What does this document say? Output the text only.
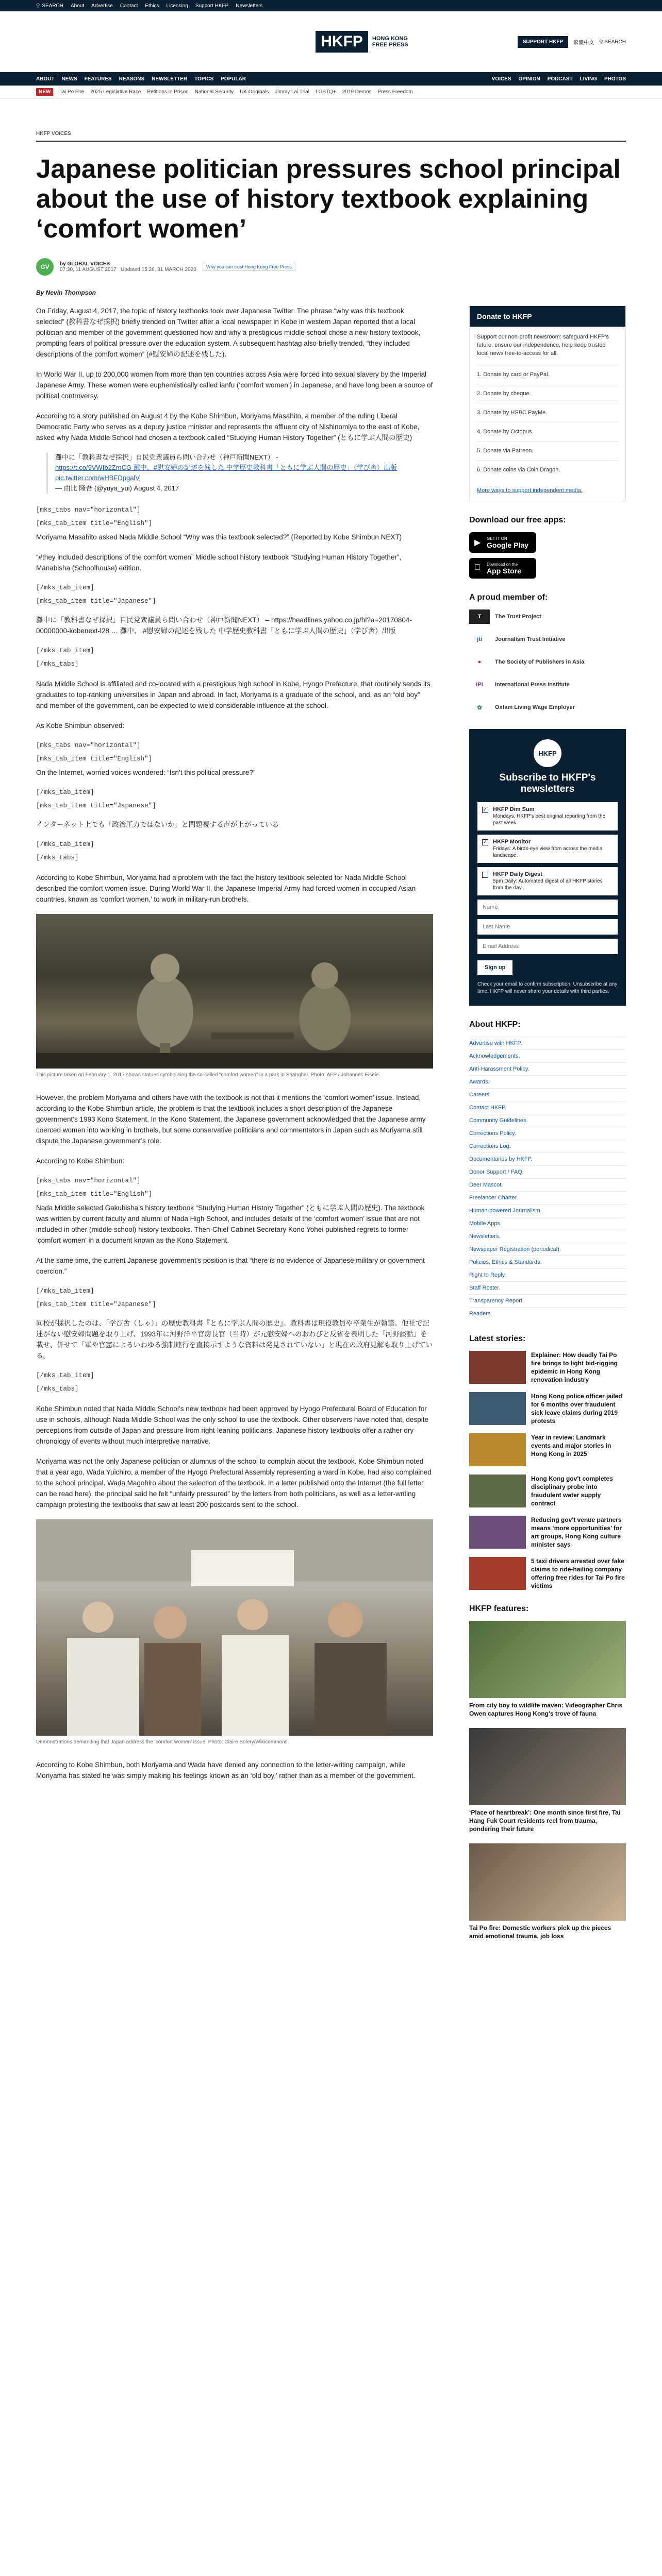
⚲ SEARCH About Advertise Contact Ethics Licensing Support HKFP Newsletters
HKFP	HONG KONG
FREE PRESS	SUPPORT HKFP	繁體中文 ⚲ SEARCH
ABOUT NEWS FEATURES REASONS NEWSLETTER TOPICS POPULAR	VOICES OPINION PODCAST LIVING PHOTOS
NEW	Tai Po Fire 2025 Legislative Race Petitions in Prison National Security UK Originals Jimmy Lai Trial LGBTQ+ 2019 Demos Press Freedom
HKFP VOICES
Japanese politician pressures school principal about the use of history textbook explaining ‘comfort women’
GV	by GLOBAL VOICES
07:30, 11 AUGUST 2017 Updated 15:26, 31 MARCH 2020	Why you can trust Hong Kong Free Press
By Nevin Thompson

On Friday, August 4, 2017, the topic of history textbooks took over Japanese Twitter. The phrase “why was this textbook selected” (教科書なぜ採択) briefly trended on Twitter after a local newspaper in Kobe in western Japan reported that a local politician and member of the government questioned how and why a prestigious middle school chose a new history textbook, prompting fears of political pressure over the education system. A subsequent hashtag also briefly trended, “they included descriptions of the comfort women” (#慰安婦の記述を残した).

In World War II, up to 200,000 women from more than ten countries across Asia were forced into sexual slavery by the Imperial Japanese Army. These women were euphemistically called ianfu (‘comfort women’) in Japanese, and have long been a source of political controversy.

According to a story published on August 4 by the Kobe Shimbun, Moriyama Masahito, a member of the ruling Liberal Democratic Party who serves as a deputy justice minister and represents the affluent city of Nishinomiya to the east of Kobe, asked why Nada Middle School had chosen a textbook called “Studying Human History Together” (ともに学ぶ人間の歴史)

灘中に「教科書なぜ採択」自民党衆議員ら問い合わせ（神戸新聞NEXT） -
https://t.co/9VWIb2ZmCG 灘中、#慰安婦の記述を残した 中学歴史教科書「ともに学ぶ人間の歴史」（学び舎）出版 pic.twitter.com/wHBFDpgalV
— 由比 隆吾 (@yuya_yui) August 4, 2017
[mks_tabs nav="horizontal"]
[mks_tab_item title="English"]

Moriyama Masahito asked Nada Middle School “Why was this textbook selected?” (Reported by Kobe Shimbun NEXT)

“#they included descriptions of the comfort women” Middle school history textbook “Studying Human History Together”, Manabisha (Schoolhouse) edition.

[/mks_tab_item]
[mks_tab_item title="Japanese"]

灘中に「教科書なぜ採択」自民党衆議員ら問い合わせ（神戸新聞NEXT） – https://headlines.yahoo.co.jp/hl?a=20170804-00000000-kobenext-l28 … 灘中、 #慰安婦の記述を残した 中学歴史教科書「ともに学ぶ人間の歴史」（学び舎）出版

[/mks_tab_item]
[/mks_tabs]

Nada Middle School is affiliated and co-located with a prestigious high school in Kobe, Hyogo Prefecture, that routinely sends its graduates to top-ranking universities in Japan and abroad. In fact, Moriyama is a graduate of the school, and, as an “old boy” and member of the government, can be expected to wield considerable influence at the school.

As Kobe Shimbun observed:

[mks_tabs nav="horizontal"]
[mks_tab_item title="English"]

On the Internet, worried voices wondered: “Isn’t this political pressure?”

[/mks_tab_item]
[mks_tab_item title="Japanese"]

インターネット上でも「政治圧力ではないか」と問題視する声が上がっている

[/mks_tab_item]
[/mks_tabs]

According to Kobe Shimbun, Moriyama had a problem with the fact the history textbook selected for Nada Middle School described the comfort women issue. During World War II, the Japanese Imperial Army had forced women in occupied Asian countries, known as ‘comfort women,’ to work in military-run brothels.

This picture taken on February 1, 2017 shows statues symbolising the so-called “comfort women” in a park in Shanghai. Photo: AFP / Johannes Eisele.

However, the problem Moriyama and others have with the textbook is not that it mentions the ‘comfort women’ issue. Instead, according to the Kobe Shimbun article, the problem is that the textbook includes a short description of the Japanese government’s 1993 Kono Statement. In the Kono Statement, the Japanese government acknowledged that the Japanese army coerced women into working in brothels, but some conservative politicians and commentators in Japan such as Moriyama still dispute the Japanese government’s role.

According to Kobe Shimbun:

[mks_tabs nav="horizontal"]
[mks_tab_item title="English"]

Nada Middle selected Gakubisha’s history textbook “Studying Human History Together” (ともに学ぶ人間の歴史). The textbook was written by current faculty and alumni of Nada High School, and includes details of the ‘comfort women’ issue that are not included in other (middle school) history textbooks. Then-Chief Cabinet Secretary Kono Yohei published regrets to former ‘comfort women’ in a document known as the Kono Statement.

At the same time, the current Japanese government’s position is that “there is no evidence of Japanese military or government coercion.”

[/mks_tab_item]
[mks_tab_item title="Japanese"]

同校が採択したのは、「学び舎（しゃ）」の歴史教科書『ともに学ぶ人間の歴史』。教科書は現役教員や卒業生が執筆。他社で記述がない慰安婦問題を取り上げ、1993年に河野洋平官房長官（当時）が元慰安婦へのおわびと反省を表明した「河野談話」を載せ、併せて「軍や官憲によるいわゆる強制連行を直接示すような資料は発見されていない」と現在の政府見解も取り上げている。

[/mks_tab_item]
[/mks_tabs]

Kobe Shimbun noted that Nada Middle School’s new textbook had been approved by Hyogo Prefectural Board of Education for use in schools, although Nada Middle School was the only school to use the textbook. Other observers have noted that, despite perceptions from outside of Japan and pressure from right-leaning politicians, Japanese history textbooks offer a rather dry chronology of events without much interpretive narrative.

Moriyama was not the only Japanese politician or alumnus of the school to complain about the textbook. Kobe Shimbun noted that a year ago, Wada Yuichiro, a member of the Hyogo Prefectural Assembly representing a ward in Kobe, had also complained to the school principal. Wada Magohiro about the selection of the textbook. In a letter published onto the Internet (the full letter can be read here), the principal said he felt “unfairly pressured” by the letters from both politicians, as well as a letter-writing campaign protesting the textbooks that saw at least 200 postcards sent to the school.

Demonstrations demanding that Japan address the ‘comfort women’ issue. Photo: Claire Solery/Wikicommons.

According to Kobe Shimbun, both Moriyama and Wada have denied any connection to the letter-writing campaign, while Moriyama has stated he was simply making his feelings known as an ‘old boy,’ rather than as a member of the government.

Donate to HKFP
Support our non-profit newsroom: safeguard HKFP's future, ensure our independence, help keep trusted local news free-to-access for all.
1. Donate by card or PayPal.
2. Donate by cheque.
3. Donate by HSBC PayMe.
4. Donate by Octopus.
5. Donate via Patreon.
6. Donate coins via Coin Dragon.
More ways to support independent media.
Download our free apps:
▶ GET IT ON
Google Play
Download on the
App Store
A proud member of:
T	The Trust Project
jti	Journalism Trust Initiative
●	The Society of Publishers in Asia
IPI	International Press Institute
✿	Oxfam Living Wage Employer
HKFP
Subscribe to HKFP's newsletters
✓ HKFP Dim Sum
Mondays: HKFP's best original reporting from the past week.
✓ HKFP Monitor
Fridays: A birds-eye view from across the media landscape.
HKFP Daily Digest
5pm Daily: Automated digest of all HKFP stories from the day.
Name
Last Name
Email Address Sign up
Check your email to confirm subscription. Unsubscribe at any time. HKFP will never share your details with third parties.
About HKFP:
Advertise with HKFP.
Acknowledgements.
Anti-Harassment Policy.
Awards.
Careers.
Contact HKFP.
Community Guidelines.
Corrections Policy.
Corrections Log.
Documentaries by HKFP.
Donor Support / FAQ.
Deer Mascot.
Freelancer Charter.
Human-powered Journalism.
Mobile Apps.
Newsletters.
Newspaper Registration (periodical).
Policies, Ethics & Standards.
Right to Reply.
Staff Roster.
Transparency Report.
Readers.
Latest stories:
Explainer: How deadly Tai Po fire brings to light bid-rigging epidemic in Hong Kong renovation industry
Hong Kong police officer jailed for 6 months over fraudulent sick leave claims during 2019 protests
Year in review: Landmark events and major stories in Hong Kong in 2025
Hong Kong gov't completes disciplinary probe into fraudulent water supply contract
Reducing gov't venue partners means ‘more opportunities’ for art groups, Hong Kong culture minister says
5 taxi drivers arrested over fake claims to ride-hailing company offering free rides for Tai Po fire victims
HKFP features:
From city boy to wildlife maven: Videographer Chris Owen captures Hong Kong's trove of fauna
‘Place of heartbreak’: One month since first fire, Tai Hang Fuk Court residents reel from trauma, pondering their future
Tai Po fire: Domestic workers pick up the pieces amid emotional trauma, job loss
